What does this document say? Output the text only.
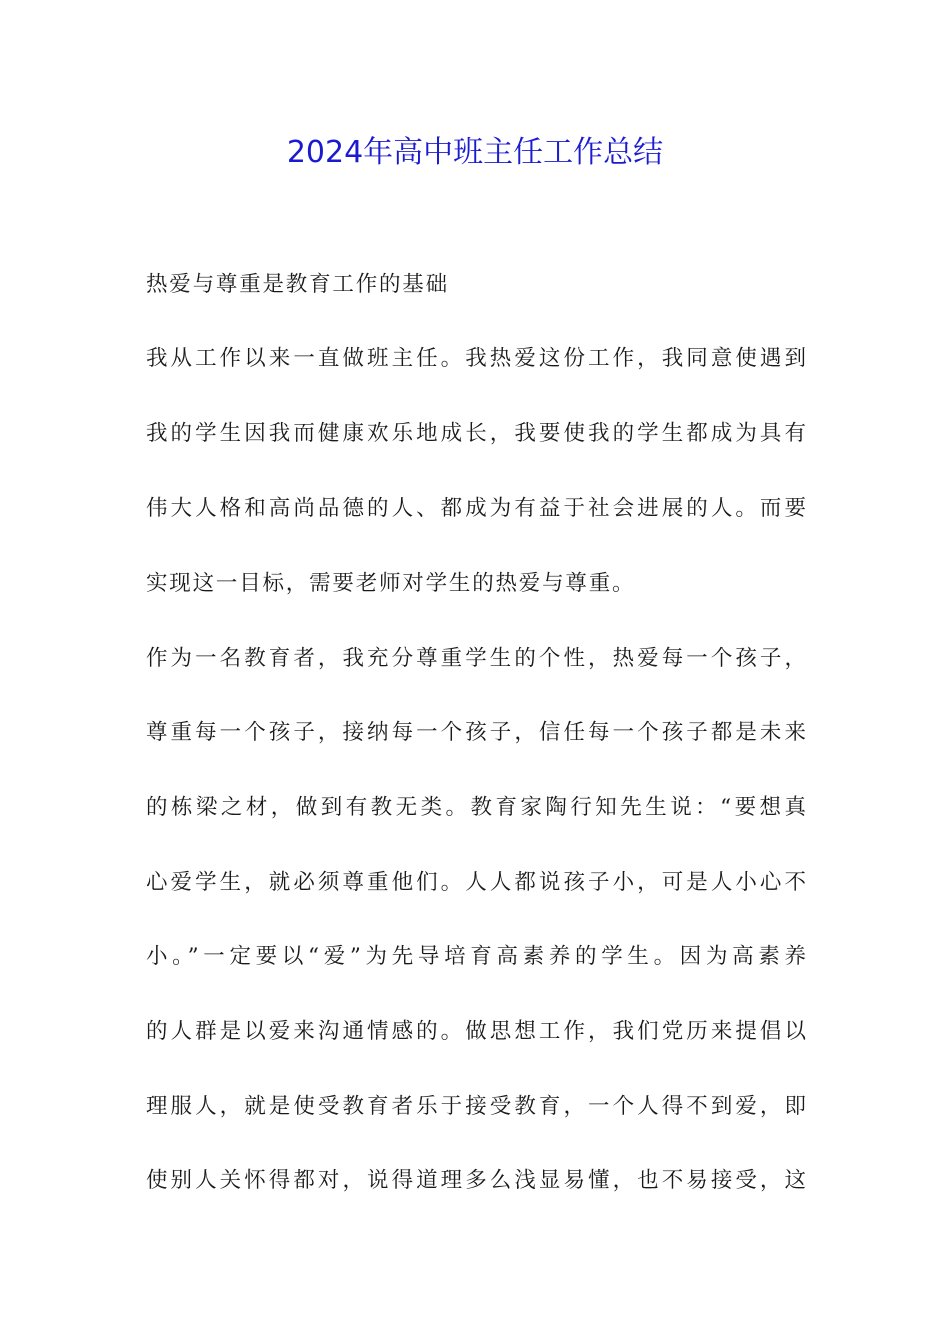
2024年高中班主任工作总结

热爱与尊重是教育工作的基础

我从工作以来一直做班主任。我热爱这份工作，我同意使遇到

我的学生因我而健康欢乐地成长，我要使我的学生都成为具有

伟大人格和高尚品德的人、都成为有益于社会进展的人。而要

实现这一目标，需要老师对学生的热爱与尊重。

作为一名教育者，我充分尊重学生的个性，热爱每一个孩子，

尊重每一个孩子，接纳每一个孩子，信任每一个孩子都是未来

的栋梁之材，做到有教无类。教育家陶行知先生说：“要想真

心爱学生，就必须尊重他们。人人都说孩子小，可是人小心不

小。”一定要以“爱”为先导培育高素养的学生。因为高素养

的人群是以爱来沟通情感的。做思想工作，我们党历来提倡以

理服人，就是使受教育者乐于接受教育，一个人得不到爱，即

使别人关怀得都对，说得道理多么浅显易懂，也不易接受，这
